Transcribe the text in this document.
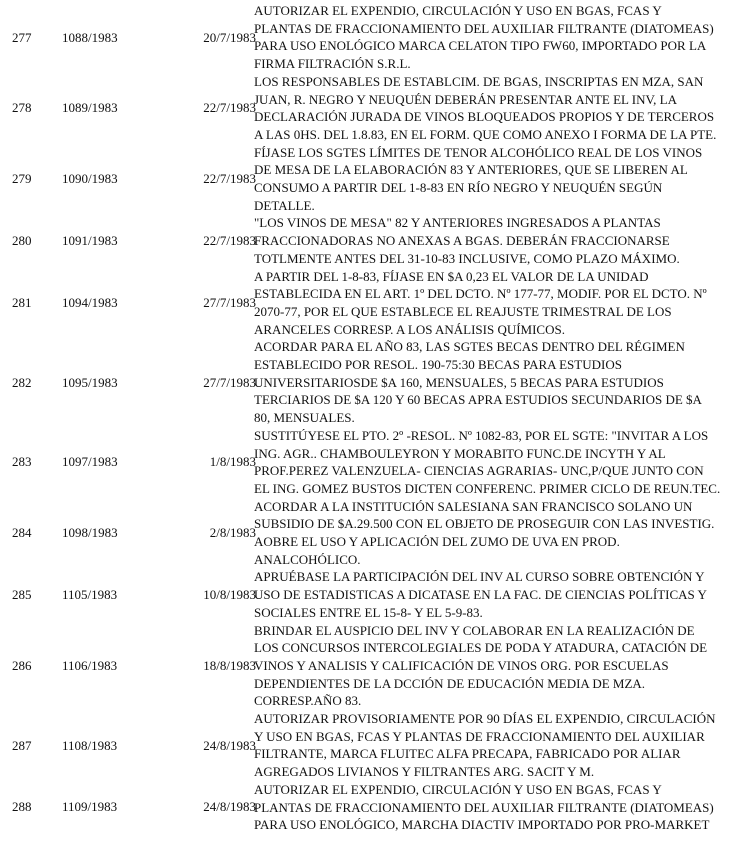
277	1088/1983	20/7/1983
AUTORIZAR EL EXPENDIO, CIRCULACIÓN Y USO EN BGAS, FCAS Y
PLANTAS DE FRACCIONAMIENTO DEL AUXILIAR FILTRANTE (DIATOMEAS)
PARA USO ENOLÓGICO MARCA CELATON TIPO FW60, IMPORTADO POR LA
FIRMA FILTRACIÓN S.R.L.
278	1089/1983	22/7/1983
LOS RESPONSABLES DE ESTABLCIM. DE BGAS, INSCRIPTAS EN MZA, SAN
JUAN, R. NEGRO Y NEUQUÉN DEBERÁN PRESENTAR ANTE EL INV, LA
DECLARACIÓN JURADA DE VINOS BLOQUEADOS PROPIOS Y DE TERCEROS
A LAS 0HS. DEL 1.8.83, EN EL FORM. QUE COMO ANEXO I FORMA DE LA PTE.
279	1090/1983	22/7/1983
FÍJASE LOS SGTES LÍMITES DE TENOR ALCOHÓLICO REAL DE LOS VINOS
DE MESA DE LA ELABORACIÓN 83 Y ANTERIORES, QUE SE LIBEREN AL
CONSUMO A PARTIR DEL 1-8-83 EN RÍO NEGRO Y NEUQUÉN SEGÚN
DETALLE.
280	1091/1983	22/7/1983
"LOS VINOS DE MESA" 82 Y ANTERIORES INGRESADOS A PLANTAS
FRACCIONADORAS NO ANEXAS A BGAS. DEBERÁN FRACCIONARSE
TOTLMENTE ANTES DEL 31-10-83 INCLUSIVE, COMO PLAZO MÁXIMO.
281	1094/1983	27/7/1983
A PARTIR DEL 1-8-83, FÍJASE EN $A 0,23 EL VALOR DE LA UNIDAD
ESTABLECIDA EN EL ART. 1º DEL DCTO. Nº 177-77, MODIF. POR EL DCTO. Nº
2070-77, POR EL QUE ESTABLECE EL REAJUSTE TRIMESTRAL DE LOS
ARANCELES CORRESP. A LOS ANÁLISIS QUÍMICOS.
282	1095/1983	27/7/1983
ACORDAR PARA EL AÑO 83, LAS SGTES BECAS DENTRO DEL RÉGIMEN
ESTABLECIDO POR RESOL. 190-75:30 BECAS PARA ESTUDIOS
UNIVERSITARIOSDE $A 160, MENSUALES, 5 BECAS PARA ESTUDIOS
TERCIARIOS DE $A 120 Y 60 BECAS APRA ESTUDIOS SECUNDARIOS DE $A
80, MENSUALES.
283	1097/1983	1/8/1983
SUSTITÚYESE EL PTO. 2º -RESOL. Nº 1082-83, POR EL SGTE: "INVITAR A LOS
ING. AGR.. CHAMBOULEYRON Y MORABITO FUNC.DE INCYTH Y AL
PROF.PEREZ VALENZUELA- CIENCIAS AGRARIAS- UNC,P/QUE JUNTO CON
EL ING. GOMEZ BUSTOS DICTEN CONFERENC. PRIMER CICLO DE REUN.TEC.
284	1098/1983	2/8/1983
ACORDAR A LA INSTITUCIÓN SALESIANA SAN FRANCISCO SOLANO UN
SUBSIDIO DE $A.29.500 CON EL OBJETO DE PROSEGUIR CON LAS INVESTIG.
AOBRE EL USO Y APLICACIÓN DEL ZUMO DE UVA EN PROD.
ANALCOHÓLICO.
285	1105/1983	10/8/1983
APRUÉBASE LA PARTICIPACIÓN DEL INV AL CURSO SOBRE OBTENCIÓN Y
USO DE ESTADISTICAS A DICATASE EN LA FAC. DE CIENCIAS POLÍTICAS Y
SOCIALES ENTRE EL 15-8- Y EL 5-9-83.
286	1106/1983	18/8/1983
BRINDAR EL AUSPICIO DEL INV Y COLABORAR EN LA REALIZACIÓN DE
LOS CONCURSOS INTERCOLEGIALES DE PODA Y ATADURA, CATACIÓN DE
VINOS Y ANALISIS Y CALIFICACIÓN DE VINOS ORG. POR ESCUELAS
DEPENDIENTES DE LA DCCIÓN DE EDUCACIÓN MEDIA DE MZA.
CORRESP.AÑO 83.
287	1108/1983	24/8/1983
AUTORIZAR PROVISORIAMENTE POR 90 DÍAS EL EXPENDIO, CIRCULACIÓN
Y USO EN BGAS, FCAS Y PLANTAS DE FRACCIONAMIENTO DEL AUXILIAR
FILTRANTE, MARCA FLUITEC ALFA PRECAPA, FABRICADO POR ALIAR
AGREGADOS LIVIANOS Y FILTRANTES ARG. SACIT Y M.
288	1109/1983	24/8/1983
AUTORIZAR EL EXPENDIO, CIRCULACIÓN Y USO EN BGAS, FCAS Y
PLANTAS DE FRACCIONAMIENTO DEL AUXILIAR FILTRANTE (DIATOMEAS)
PARA USO ENOLÓGICO, MARCHA DIACTIV IMPORTADO POR PRO-MARKET
